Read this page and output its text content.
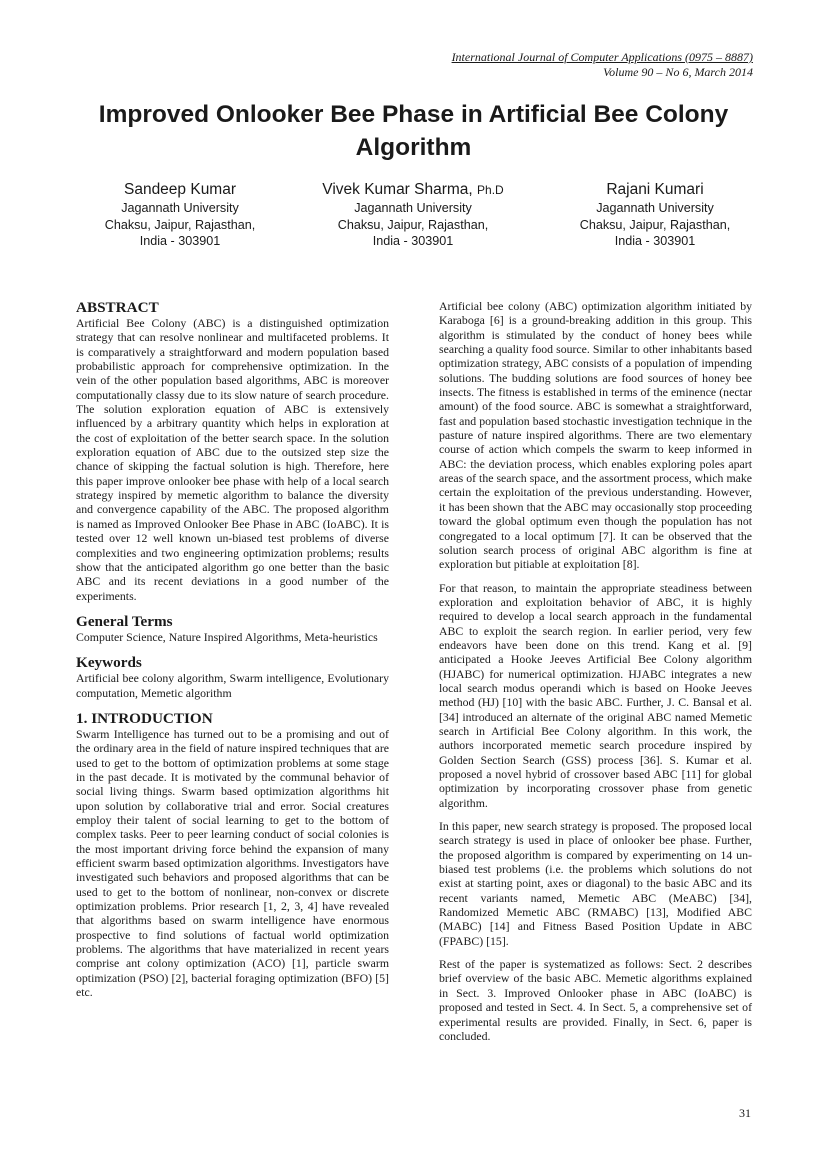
International Journal of Computer Applications (0975 – 8887)
Volume 90 – No 6, March 2014
Improved Onlooker Bee Phase in Artificial Bee Colony
Algorithm
Sandeep Kumar
Jagannath University
Chaksu, Jaipur, Rajasthan,
India - 303901
Vivek Kumar Sharma, Ph.D
Jagannath University
Chaksu, Jaipur, Rajasthan,
India - 303901
Rajani Kumari
Jagannath University
Chaksu, Jaipur, Rajasthan,
India - 303901
ABSTRACT

Artificial Bee Colony (ABC) is a distinguished optimization strategy that can resolve nonlinear and multifaceted problems. It is comparatively a straightforward and modern population based probabilistic approach for comprehensive optimization. In the vein of the other population based algorithms, ABC is moreover computationally classy due to its slow nature of search procedure. The solution exploration equation of ABC is extensively influenced by a arbitrary quantity which helps in exploration at the cost of exploitation of the better search space. In the solution exploration equation of ABC due to the outsized step size the chance of skipping the factual solution is high. Therefore, here this paper improve onlooker bee phase with help of a local search strategy inspired by memetic algorithm to balance the diversity and convergence capability of the ABC. The proposed algorithm is named as Improved Onlooker Bee Phase in ABC (IoABC). It is tested over 12 well known un-biased test problems of diverse complexities and two engineering optimization problems; results show that the anticipated algorithm go one better than the basic ABC and its recent deviations in a good number of the experiments.

General Terms

Computer Science, Nature Inspired Algorithms, Meta-heuristics

Keywords

Artificial bee colony algorithm, Swarm intelligence, Evolutionary computation, Memetic algorithm

1. INTRODUCTION

Swarm Intelligence has turned out to be a promising and out of the ordinary area in the field of nature inspired techniques that are used to get to the bottom of optimization problems at some stage in the past decade. It is motivated by the communal behavior of social living things. Swarm based optimization algorithms hit upon solution by collaborative trial and error. Social creatures employ their talent of social learning to get to the bottom of complex tasks. Peer to peer learning conduct of social colonies is the most important driving force behind the expansion of many efficient swarm based optimization algorithms. Investigators have investigated such behaviors and proposed algorithms that can be used to get to the bottom of nonlinear, non-convex or discrete optimization problems. Prior research [1, 2, 3, 4] have revealed that algorithms based on swarm intelligence have enormous prospective to find solutions of factual world optimization problems. The algorithms that have materialized in recent years comprise ant colony optimization (ACO) [1], particle swarm optimization (PSO) [2], bacterial foraging optimization (BFO) [5] etc.

Artificial bee colony (ABC) optimization algorithm initiated by Karaboga [6] is a ground-breaking addition in this group. This algorithm is stimulated by the conduct of honey bees while searching a quality food source. Similar to other inhabitants based optimization strategy, ABC consists of a population of impending solutions. The budding solutions are food sources of honey bee insects. The fitness is established in terms of the eminence (nectar amount) of the food source. ABC is somewhat a straightforward, fast and population based stochastic investigation technique in the pasture of nature inspired algorithms. There are two elementary course of action which compels the swarm to keep informed in ABC: the deviation process, which enables exploring poles apart areas of the search space, and the assortment process, which make certain the exploitation of the previous understanding. However, it has been shown that the ABC may occasionally stop proceeding toward the global optimum even though the population has not congregated to a local optimum [7]. It can be observed that the solution search process of original ABC algorithm is fine at exploration but pitiable at exploitation [8].

For that reason, to maintain the appropriate steadiness between exploration and exploitation behavior of ABC, it is highly required to develop a local search approach in the fundamental ABC to exploit the search region. In earlier period, very few endeavors have been done on this trend. Kang et al. [9] anticipated a Hooke Jeeves Artificial Bee Colony algorithm (HJABC) for numerical optimization. HJABC integrates a new local search modus operandi which is based on Hooke Jeeves method (HJ) [10] with the basic ABC. Further, J. C. Bansal et al. [34] introduced an alternate of the original ABC named Memetic search in Artificial Bee Colony algorithm. In this work, the authors incorporated memetic search procedure inspired by Golden Section Search (GSS) process [36]. S. Kumar et al. proposed a novel hybrid of crossover based ABC [11] for global optimization by incorporating crossover phase from genetic algorithm.

In this paper, new search strategy is proposed. The proposed local search strategy is used in place of onlooker bee phase. Further, the proposed algorithm is compared by experimenting on 14 un-biased test problems (i.e. the problems which solutions do not exist at starting point, axes or diagonal) to the basic ABC and its recent variants named, Memetic ABC (MeABC) [34], Randomized Memetic ABC (RMABC) [13], Modified ABC (MABC) [14] and Fitness Based Position Update in ABC (FPABC) [15].

Rest of the paper is systematized as follows: Sect. 2 describes brief overview of the basic ABC. Memetic algorithms explained in Sect. 3. Improved Onlooker phase in ABC (IoABC) is proposed and tested in Sect. 4. In Sect. 5, a comprehensive set of experimental results are provided. Finally, in Sect. 6, paper is concluded.

31
